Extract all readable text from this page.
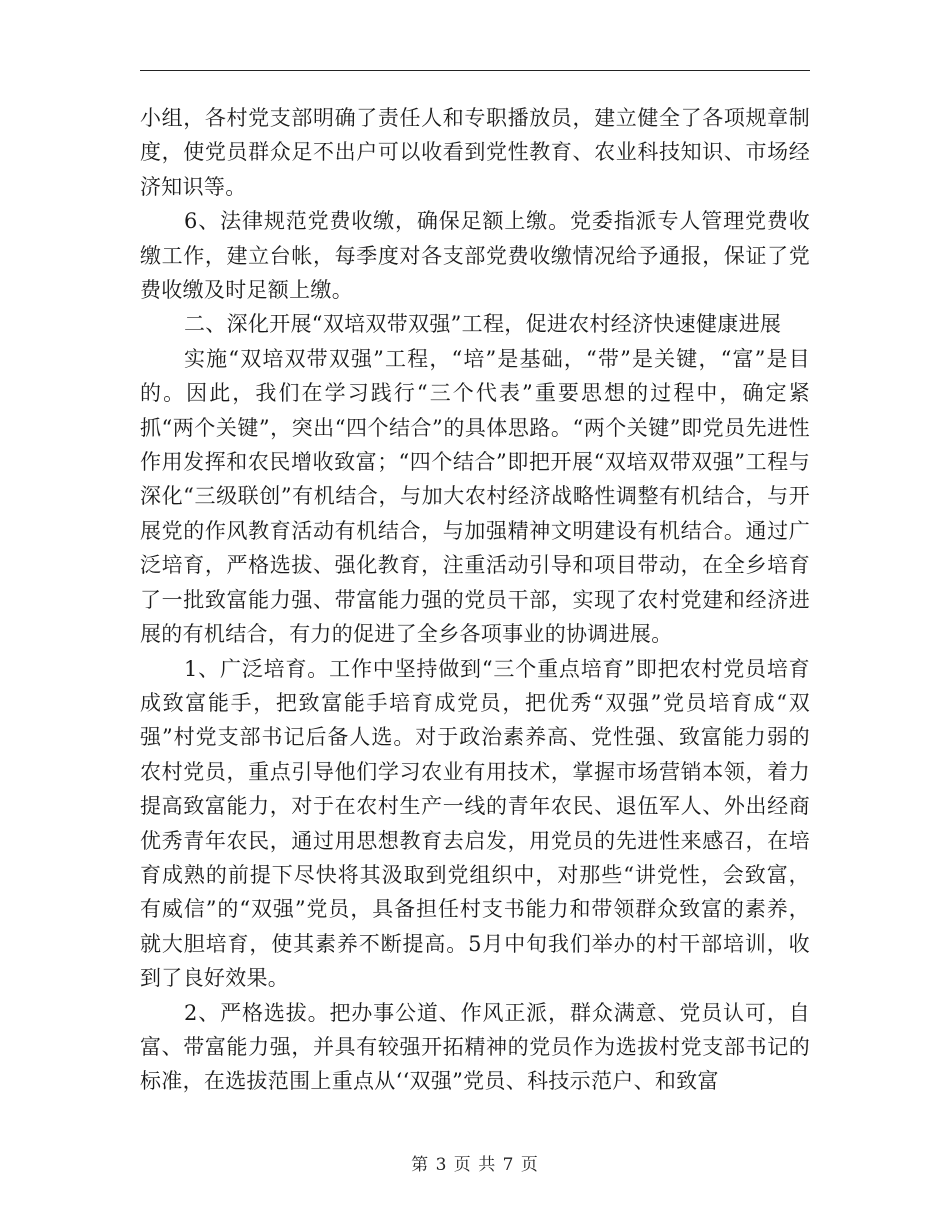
小组，各村党支部明确了责任人和专职播放员，建立健全了各项规章制度，使党员群众足不出户可以收看到党性教育、农业科技知识、市场经济知识等。

6、法律规范党费收缴，确保足额上缴。党委指派专人管理党费收缴工作，建立台帐，每季度对各支部党费收缴情况给予通报，保证了党费收缴及时足额上缴。

二、深化开展“双培双带双强”工程，促进农村经济快速健康进展

实施“双培双带双强”工程，“培”是基础，“带”是关键，“富”是目的。因此，我们在学习践行“三个代表”重要思想的过程中，确定紧抓“两个关键”，突出“四个结合”的具体思路。“两个关键”即党员先进性作用发挥和农民增收致富；“四个结合”即把开展“双培双带双强”工程与深化“三级联创”有机结合，与加大农村经济战略性调整有机结合，与开展党的作风教育活动有机结合，与加强精神文明建设有机结合。通过广泛培育，严格选拔、强化教育，注重活动引导和项目带动，在全乡培育了一批致富能力强、带富能力强的党员干部，实现了农村党建和经济进展的有机结合，有力的促进了全乡各项事业的协调进展。

1、广泛培育。工作中坚持做到“三个重点培育”即把农村党员培育成致富能手，把致富能手培育成党员，把优秀“双强”党员培育成“双强”村党支部书记后备人选。对于政治素养高、党性强、致富能力弱的农村党员，重点引导他们学习农业有用技术，掌握市场营销本领，着力提高致富能力，对于在农村生产一线的青年农民、退伍军人、外出经商优秀青年农民，通过用思想教育去启发，用党员的先进性来感召，在培育成熟的前提下尽快将其汲取到党组织中，对那些“讲党性，会致富，有威信”的“双强”党员，具备担任村支书能力和带领群众致富的素养，就大胆培育，使其素养不断提高。5月中旬我们举办的村干部培训，收到了良好效果。

2、严格选拔。把办事公道、作风正派，群众满意、党员认可，自富、带富能力强，并具有较强开拓精神的党员作为选拔村党支部书记的标准，在选拔范围上重点从‘‘双强”党员、科技示范户、和致富

第 3 页 共 7 页
